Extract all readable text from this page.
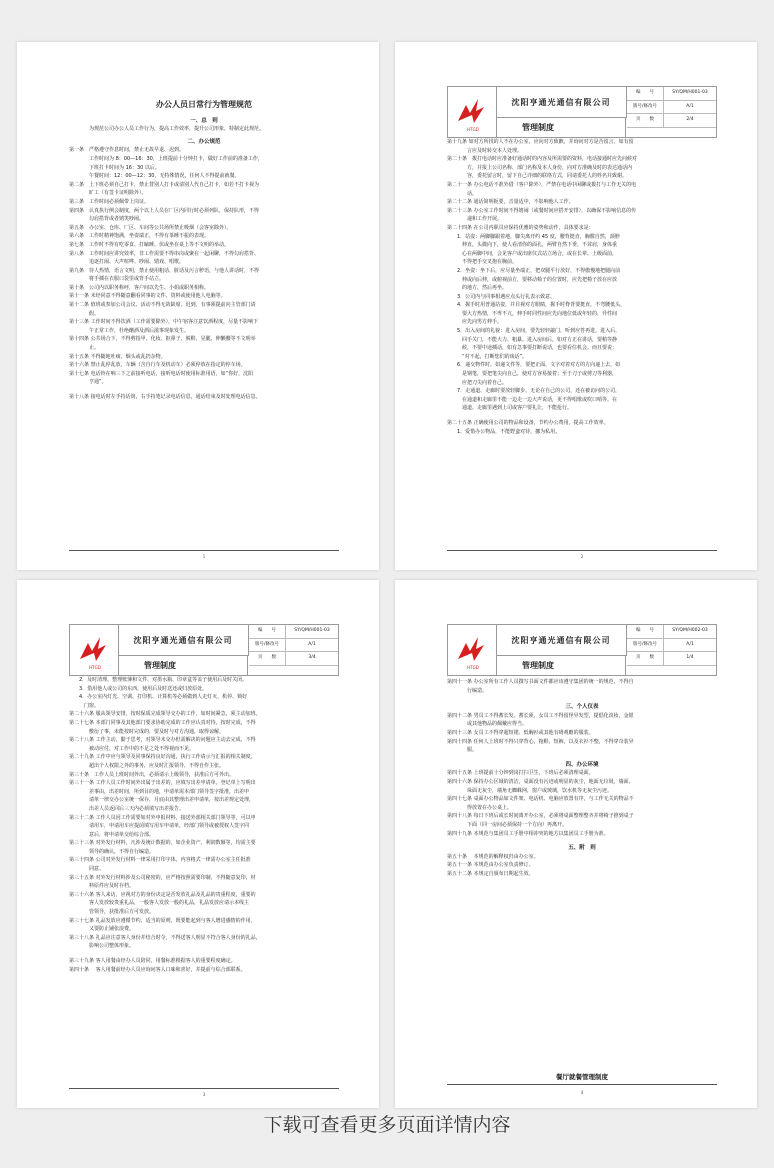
办公人员日常行为管理规范
一、总　则
为规范公司办公人员工作行为，提高工作效率，提升公司形象，特制定此规范。
二、办公规范
第一条　严格遵守作息时间，禁止无故早退、迟到。
　　　　工作时间为 8：00—16：30，上班提前十分钟打卡，做好工作前的准备工作，
　　　　下班打卡时间为 16：30 以后。
　　　　午餐时间：12：00—12：30，无特殊情况，任何人不得提前就餐。
第二条　上下班必须自己打卡，禁止替别人打卡或请别人代自己打卡，如若不打卡视为
　　　　旷工（有签卡证明除外）。
第三条　工作时间必须佩带上岗证。
第四条　认真执行例会制度，两个以上人员在厂区内同行时必须列队，保持队形，不得
　　　　勾肩搭背或者嬉笑吵闹。
第五条　办公室、仓库、厂区、车间等公共场所禁止吸烟（会客室除外）。
第六条　工作时精神饱满，坐姿端正，不得有茶睡不振的表现。
第七条　工作时不得有吃零食、打瞌睡、伏或坐在桌上等不文明的举动。
第八条　工作时间应讲究效率，非工作需要不得串岗或聚在一起闲聊，不得勾肩搭背、
　　　　追逐打闹、大声喧哗、吵闹、嬉戏、唱歌。
第九条　待人热情，语言文明，禁止使用粗话、脏话及污言秽语，与他人讲话时，不得
　　　　将手插在衣服口袋里或背手站立。
第十条　公司内以职务称呼，客户间以先生、小姐或职务相称。
第十一条 未经同意不得随意翻看同事的文件、资料或使用他人电脑等。
第十二条 值班或参加公司会议、活动不得无故缺席、迟到，有事须提前向主管部门请
　　　　假。
第十三条 工作时间不得饮酒（工作需要除外），中午宿客注意饮酒程度，尽量不影响下
　　　　午正常工作，杜绝酗酒及酒后滋事现象发生。
第十四条 公共场合下，不得剪指甲、化妆、抠鼻子、脱鞋、晃腿、伸懒腰等不文明举
　　　　止。
第十五条 不得随地吐痰、烟头或乱扔杂物。
第十六条 禁止乱停乱放，车辆（含自行车及机动车）必须停放在指定的停车场。
第十七条 电话铃在响三下之前接听电话，接听电话时使用标准用语，如“你好，沈阳
　　　　亨通”。
第十八条 接电话时左手持话筒，右手持笔记录电话信息，通话结束及时处理电话信息。
1
HTGD
沈阳亨通光通信有限公司
管理制度
编　　号	SY/QM/H001-03
版号/修改号	A/1
页　　数	2/4
第十九条 如对方所找的人不在办公室，应向对方致歉，并询问对方是否留言，如有留
　　　　言应及时转交本人处理。
第二十条　拨打电话时应准备好通话时的内容及所需要的资料，电话接通时应先问候对
　　　　方，并报上公司名称、部门名称及本人身份，向对方准确及时的表达通话内
　　　　容，委托留言时，留下自己详细的联络方式，同请委托人的姓名并致谢。
第二十一条 办公电话不准外借（客户除外），严禁在电话中闲聊或拨打与工作无关的电
　　　　话。
第二十二条 通话简明扼要，音量适中，不影响他人工作。
第二十三条 办公室工作时间不得嬉闹（或餐时间应搭开安排），以确保不影响信息的传
　　　　递和工作开展。
第二十四条 在公司内职员应保持优雅的姿势和动作，具体要求是：
　　1．站姿：两脚脚跟着地，脚尖离开约 45 度，腰背挺直，胸膛自然，颈脖
　　　伸直，头微向下，使人看清你的面孔，两臂自然下垂，不耸肩，身体重
　　　心在两脚中间，会见客户或出席仪式站立场合，或在长辈、上级面前，
　　　不得把手交叉抱在胸前。
　　2．坐姿：坐下后，应尽量坐端正，把双腿平行放好，不得傲慢地把腿向前
　　　伸或向后伸，或俯视前方，要移动椅子的位置时，应先把椅子放在应放
　　　的地方，然后再坐。
　　3．公司内与同事相遇应点头行礼表示致意。
　　4．握手时用普通站姿，并目视对方眼睛，握手时脊背要挺直，不弯腰低头，
　　　要大方热情，不卑不亢，伸手时同性间应先向地位低或年轻的，异性间
　　　应先向男方伸手。
　　5．出入房间的礼貌：进入房间，要先轻轻敲门，听到应答再进。进入后，
　　　回手关门，不能大力、粗暴。进入房间后，如对方正在讲话，要稍等静
　　　候，不要中途插话，如有急事要打断说话，也要看住机会。而且要说：
　　　“对不起，打断您们的谈话”。
　　6．递交物件时，如递文件等，要把正面、文字对着对方的方向递上去，如
　　　是钢笔，要把笔尖向自己，使对方容易接着；至于刀子或剪刀等利器，
　　　应把刀尖向着自己。
　　7．走通道、走廊时要放轻脚步。无论在自己的公司，还在被访问的公司，
　　　在通道和走廊里不能一边走一边大声说话，更不得唱歌或吹口哨等。在
　　　通道、走廊里遇到上司或客户要礼让，不能抢行。
第二十五条 正确使用公司的物品和设备，节约办公费用，提高工作效率。
　　1．爱惜办公物品，不能野蛮对待，挪为私用。
2
HTGD
沈阳亨通光通信有限公司
管理制度
编　　号	SY/QM/H001-03
版号/修改号	A/1
页　　数	3/4
　　2．及时清理、整理账簿和文件、对墨水瓶、印章盒等盖子使用后及时关闭。
　　3．借用他人或公司的东西，使用后及时送还或归放原处。
　　4．办公室内灯光、空调、打印机、计算机等必须做到人走灯灭、机停、锁好
　　　门窗。
第二十六条 服从领导安排，按时保质完成领导交办的工作，如时间紧急，须主动加班。
第二十七条 本部门同事及其他部门要求协助完成的工作应认真对待，按时完成，不得
　　　　敷衍了事，未能按时完成的，要及时与对方沟通，取得谅解。
第二十八条 工作主动，勤于思考，对领导未交办但需解决的问题应主动去完成，不得
　　　　被动应付，对工作中的不足之处不得视而不见。
第二十九条 工作中应与领导及同事保持良好沟通，执行工作请示与汇报的相关制度，
　　　　超出个人权限之外的事务，应及时汇报领导，不得自作主张。
第三十条　工作人员上班时间外出，必须请示上级领导，获准后方可外出。
第三十一条 工作人员工作时间外出属于出差的，应填写出差申请单，登记单上写明出
　　　　差事由，出差时间，所到目的地，申请单需本部门领导签字批准，出差申
　　　　请单一律交办公室统一保存，月底由其整理出差申请单，按出差规定处理，
　　　　出差人员返回后三天内必须填写出差报告。
第三十二条 工作人员因工作需要如对外申报材料，接送外部相关部门领导等，可以申
　　　　请用车，申请用车应提前填写用车申请单，经部门领导或被授权人签字同
　　　　意后，将申请单交给综合部。
第三十三条 对外发行材料，凡涉及统计数据的，如企业资产、利润数额等，均需主要
　　　　领导的确认，不得自行编造。
第三十四条 公司对外发行材料一律采用打印字体，内容格式一律需办公室主任批准
　　　　同意。
第三十五条 对外发行材料涉及公司秘密的，应严格按照需要印制，不得随意复印，材
　　　　料原件应及时存档。
第三十六条 客人来访，应视对方的身份决定是否发放礼品及礼品的贵重程度，重要的
　　　　客人发放较贵重礼品，一般客人发放一般的礼品，礼品发放应请示本线主
　　　　管领导，获批准后方可发放。
第三十七条 礼品发放应遵循节约、适当的原则，既要能起到与客人增进感情的作用，
　　　　又要防止铺张浪费。
第三十八条 礼品应注意客人身份并结合时令，不得送客人明显不符合客人身份的礼品，
　　　　影响公司整体形象。
第三十九条 客人用餐由经办人员陪同，用餐标准根据客人的重要程度确定。
第四十条　 客人用餐前经办人员应询问客人口味和喜好，并提前与综合部联系。
3
HTGD
沈阳亨通光通信有限公司
管理制度
编　　号	SY/QM/H002-03
版号/修改号	A/1
页　　数	1/4
第四十一条 办公室所有工作人员撰写书面文件都应该遵守集团的统一的规范，不得自
　　　　行编造。
三、个人仪表
第四十二条 男员工不得蓄长发、蓄长须，女员工不得留怪异发型，提倡化淡妆，金银
　　　　或其他物品的佩戴应得当。
第四十三条 女员工不得穿超短裙、低胸衫或其他有碍观瞻的服装。
第四十四条 任何人上班时不得只穿背心、拖鞋、短裤，以及衣衫不整，不得穿奇装异
　　　　服。
四、办公环境
第四十五条 上班提前十分钟到岗打扫卫生，下班后必须清理桌面。
第四十六条 保持办公区域的清洁，桌面没有污迹或明显的灰尘，地面无垃圾，墙面、
　　　　垛面无灰尘，墙角无蜘蛛网，窗户或玻璃，饮水机等无灰尘污迹。
第四十七条 桌面办公物品如文件架、电话机、电脑应放置有序，与工作无关的物品不
　　　　得放置在办公桌上。
第四十八条 每日下班后或长时间离开办公室，必须将桌面整理整齐并将椅子推到桌子
　　　　下面（同一房间必须保持一个方向）再离开。
第四十九条 本规范与集团员工手册中相冲突的地方以集团员工手册为准。
五、附　则
第五十条　 本规范的解释权归由办公室。
第五十一条 本规范由办公室负责修订。
第五十二条 本规定自颁布日期起生效。
餐厅就餐管理制度
4
下载可查看更多页面详情内容
